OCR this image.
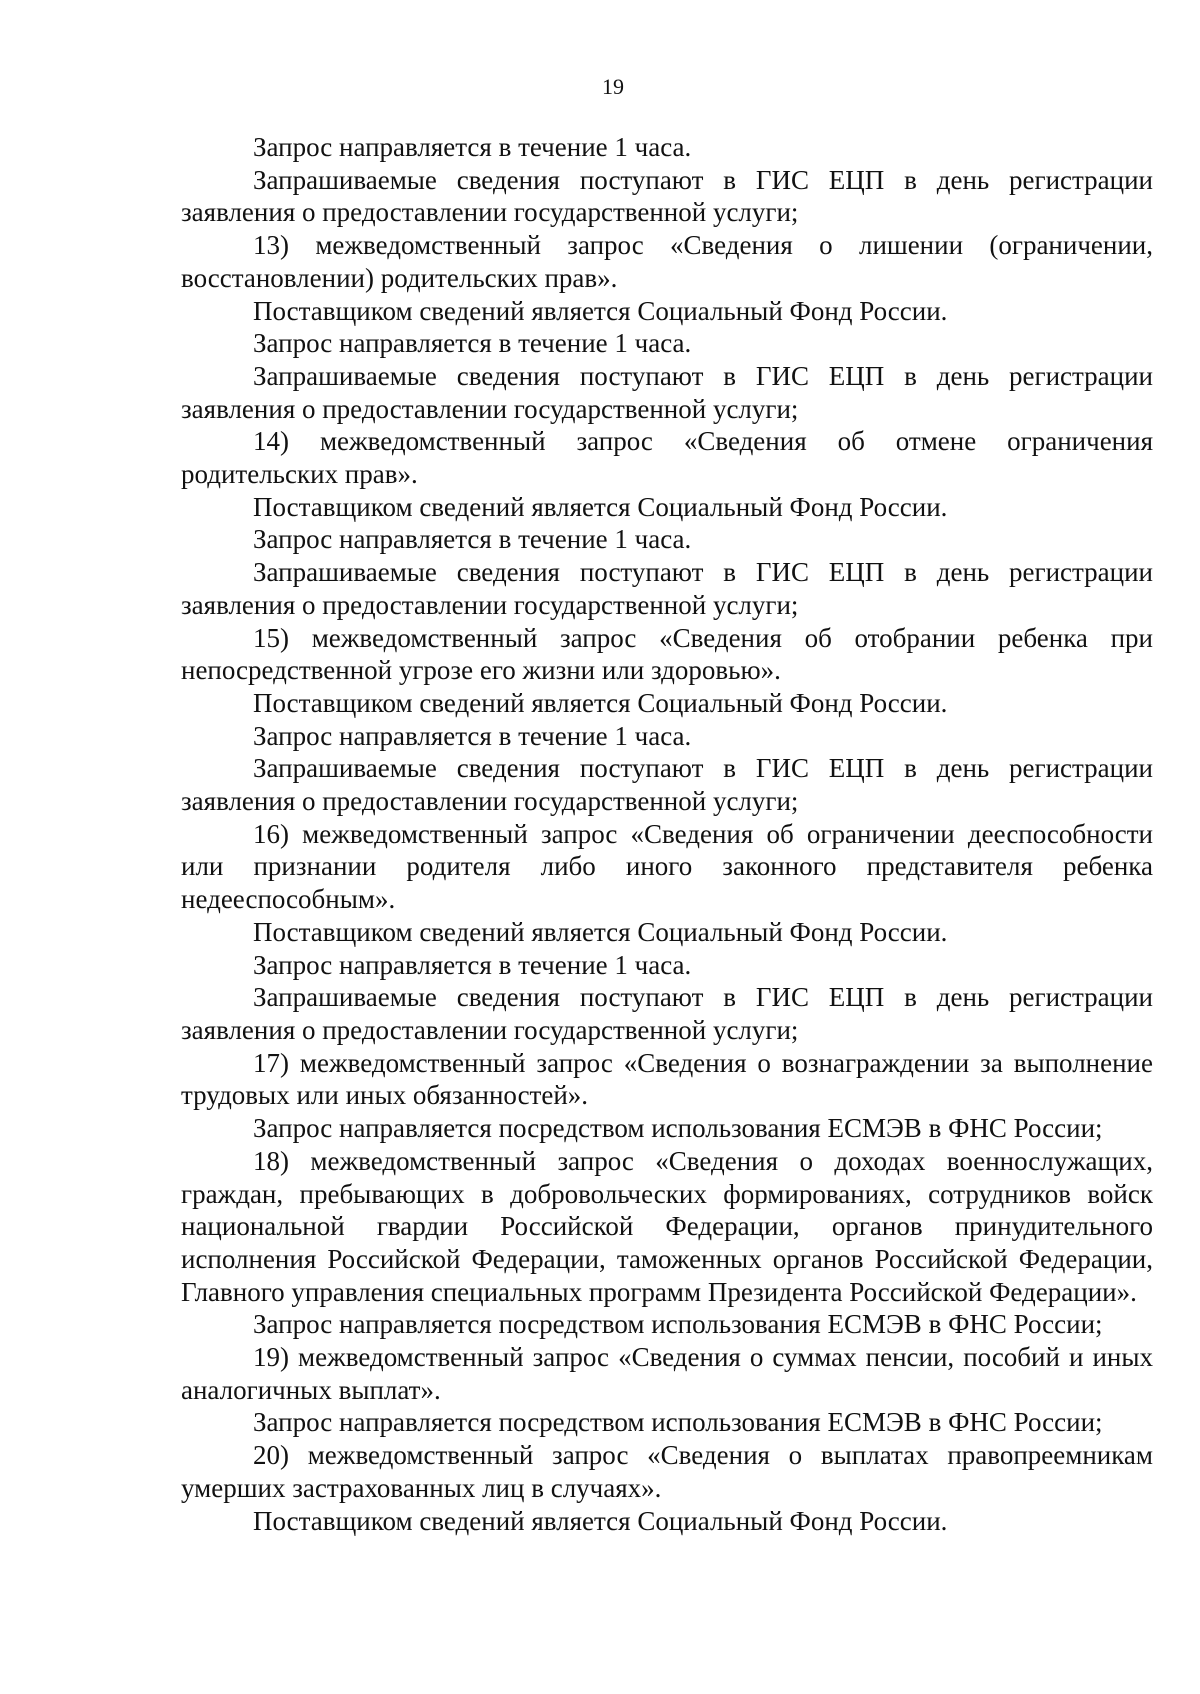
19

Запрос направляется в течение 1 часа.

Запрашиваемые сведения поступают в ГИС ЕЦП в день регистрации заявления о предоставлении государственной услуги;

13) межведомственный запрос «Сведения о лишении (ограничении, восстановлении) родительских прав».

Поставщиком сведений является Социальный Фонд России.

Запрос направляется в течение 1 часа.

Запрашиваемые сведения поступают в ГИС ЕЦП в день регистрации заявления о предоставлении государственной услуги;

14) межведомственный запрос «Сведения об отмене ограничения родительских прав».

Поставщиком сведений является Социальный Фонд России.

Запрос направляется в течение 1 часа.

Запрашиваемые сведения поступают в ГИС ЕЦП в день регистрации заявления о предоставлении государственной услуги;

15) межведомственный запрос «Сведения об отобрании ребенка при непосредственной угрозе его жизни или здоровью».

Поставщиком сведений является Социальный Фонд России.

Запрос направляется в течение 1 часа.

Запрашиваемые сведения поступают в ГИС ЕЦП в день регистрации заявления о предоставлении государственной услуги;

16) межведомственный запрос «Сведения об ограничении дееспособности или признании родителя либо иного законного представителя ребенка недееспособным».

Поставщиком сведений является Социальный Фонд России.

Запрос направляется в течение 1 часа.

Запрашиваемые сведения поступают в ГИС ЕЦП в день регистрации заявления о предоставлении государственной услуги;

17) межведомственный запрос «Сведения о вознаграждении за выполнение трудовых или иных обязанностей».

Запрос направляется посредством использования ЕСМЭВ в ФНС России;

18) межведомственный запрос «Сведения о доходах военнослужащих, граждан, пребывающих в добровольческих формированиях, сотрудников войск национальной гвардии Российской Федерации, органов принудительного исполнения Российской Федерации, таможенных органов Российской Федерации, Главного управления специальных программ Президента Российской Федерации».

Запрос направляется посредством использования ЕСМЭВ в ФНС России;

19) межведомственный запрос «Сведения о суммах пенсии, пособий и иных аналогичных выплат».

Запрос направляется посредством использования ЕСМЭВ в ФНС России;

20) межведомственный запрос «Сведения о выплатах правопреемникам умерших застрахованных лиц в случаях».

Поставщиком сведений является Социальный Фонд России.
